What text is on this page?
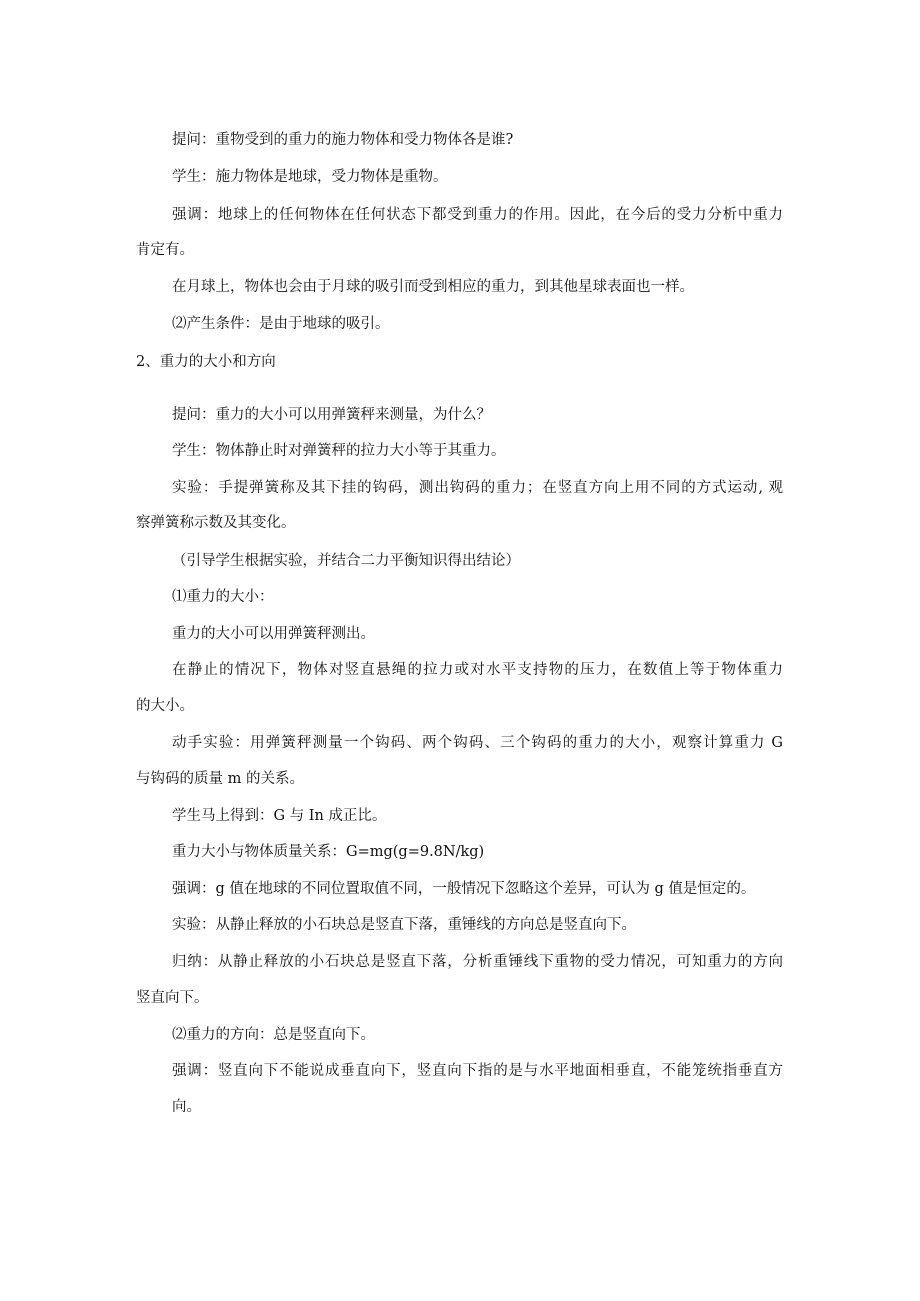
提问：重物受到的重力的施力物体和受力物体各是谁?
学生：施力物体是地球，受力物体是重物。
强调：地球上的任何物体在任何状态下都受到重力的作用。因此，在今后的受力分析中重力
肯定有。
在月球上，物体也会由于月球的吸引而受到相应的重力，到其他星球表面也一样。
⑵产生条件：是由于地球的吸引。
2、重力的大小和方向
提问：重力的大小可以用弹簧秤来测量，为什么？
学生：物体静止时对弹簧秤的拉力大小等于其重力。
实验：手提弹簧称及其下挂的钩码，测出钩码的重力；在竖直方向上用不同的方式运动, 观
察弹簧称示数及其变化。
（引导学生根据实验，并结合二力平衡知识得出结论）
⑴重力的大小：
重力的大小可以用弹簧秤测出。
在静止的情况下，物体对竖直悬绳的拉力或对水平支持物的压力，在数值上等于物体重力
的大小。
动手实验：用弹簧秤测量一个钩码、两个钩码、三个钩码的重力的大小，观察计算重力 G
与钩码的质量 m 的关系。
学生马上得到：G 与 In 成正比。
重力大小与物体质量关系：G=mg(g=9.8N/kg)
强调：g 值在地球的不同位置取值不同，一般情况下忽略这个差异，可认为 g 值是恒定的。
实验：从静止释放的小石块总是竖直下落，重锤线的方向总是竖直向下。
归纳：从静止释放的小石块总是竖直下落，分析重锤线下重物的受力情况，可知重力的方向
竖直向下。
⑵重力的方向：总是竖直向下。
强调：竖直向下不能说成垂直向下，竖直向下指的是与水平地面相垂直，不能笼统指垂直方
向。
